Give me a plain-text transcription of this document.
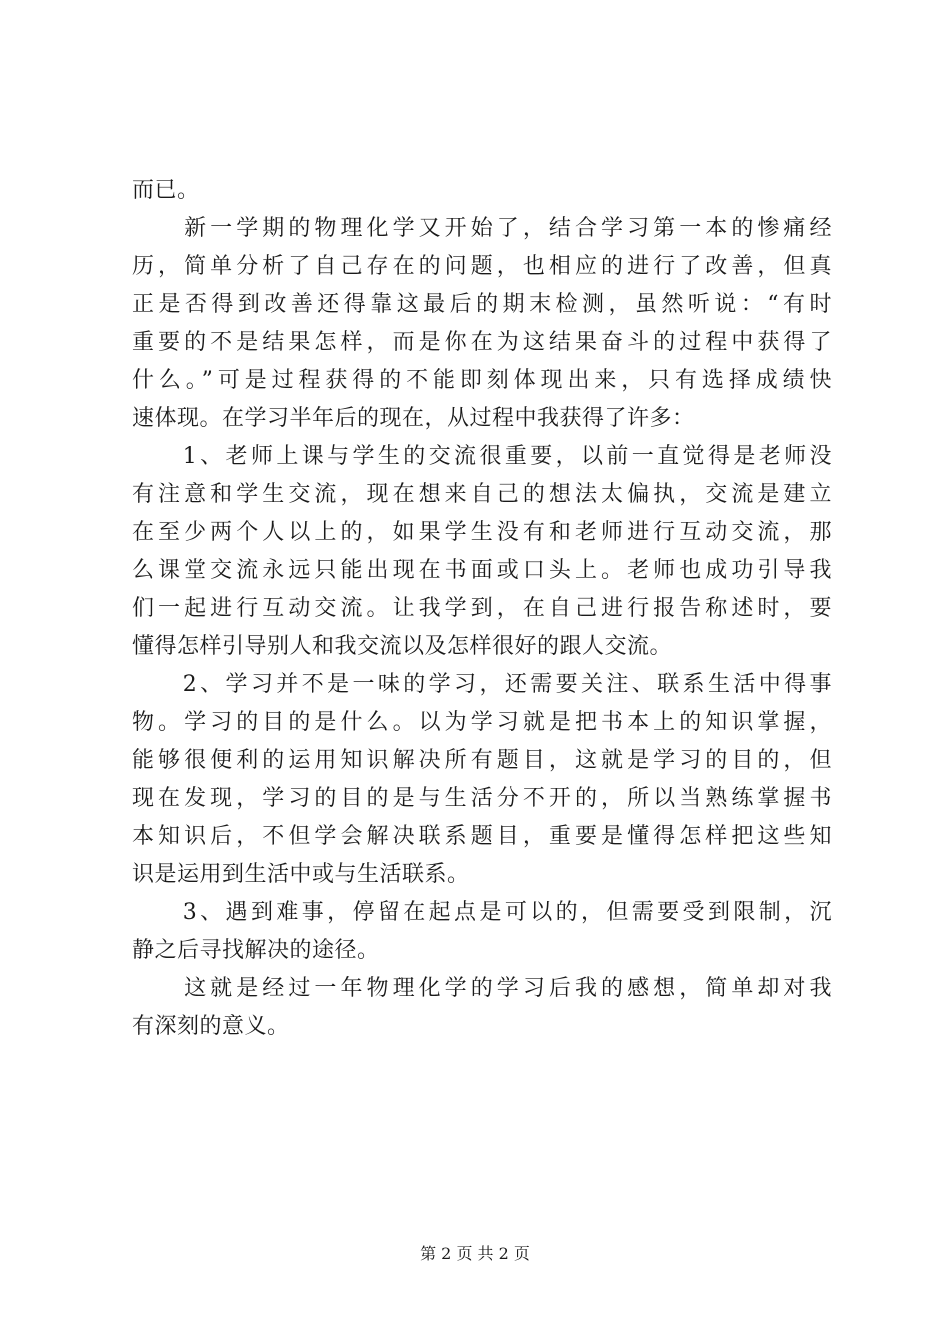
而已。
　　新一学期的物理化学又开始了，结合学习第一本的惨痛经
历，简单分析了自己存在的问题，也相应的进行了改善，但真
正是否得到改善还得靠这最后的期末检测，虽然听说：“有时
重要的不是结果怎样，而是你在为这结果奋斗的过程中获得了
什么。”可是过程获得的不能即刻体现出来，只有选择成绩快
速体现。在学习半年后的现在，从过程中我获得了许多：
　　1、老师上课与学生的交流很重要，以前一直觉得是老师没
有注意和学生交流，现在想来自己的想法太偏执，交流是建立
在至少两个人以上的，如果学生没有和老师进行互动交流，那
么课堂交流永远只能出现在书面或口头上。老师也成功引导我
们一起进行互动交流。让我学到，在自己进行报告称述时，要
懂得怎样引导别人和我交流以及怎样很好的跟人交流。
　　2、学习并不是一味的学习，还需要关注、联系生活中得事
物。学习的目的是什么。以为学习就是把书本上的知识掌握，
能够很便利的运用知识解决所有题目，这就是学习的目的，但
现在发现，学习的目的是与生活分不开的，所以当熟练掌握书
本知识后，不但学会解决联系题目，重要是懂得怎样把这些知
识是运用到生活中或与生活联系。
　　3、遇到难事，停留在起点是可以的，但需要受到限制，沉
静之后寻找解决的途径。
　　这就是经过一年物理化学的学习后我的感想，简单却对我
有深刻的意义。
第 2 页 共 2 页
